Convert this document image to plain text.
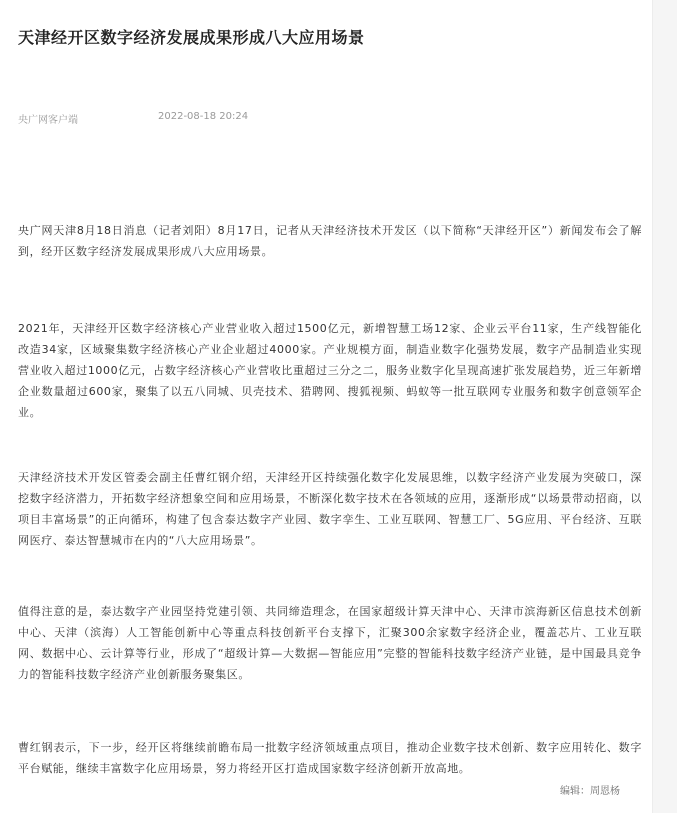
天津经开区数字经济发展成果形成八大应用场景
央广网客户端	2022-08-18 20:24

央广网天津8月18日消息（记者刘阳）8月17日，记者从天津经济技术开发区（以下简称“天津经开区”）新闻发布会了解到，经开区数字经济发展成果形成八大应用场景。

2021年，天津经开区数字经济核心产业营业收入超过1500亿元，新增智慧工场12家、企业云平台11家，生产线智能化改造34家，区域聚集数字经济核心产业企业超过4000家。产业规模方面，制造业数字化强势发展，数字产品制造业实现营业收入超过1000亿元，占数字经济核心产业营收比重超过三分之二，服务业数字化呈现高速扩张发展趋势，近三年新增企业数量超过600家，聚集了以五八同城、贝壳技术、猎聘网、搜狐视频、蚂蚁等一批互联网专业服务和数字创意领军企业。

天津经济技术开发区管委会副主任曹红钢介绍，天津经开区持续强化数字化发展思维，以数字经济产业发展为突破口，深挖数字经济潜力，开拓数字经济想象空间和应用场景，不断深化数字技术在各领域的应用，逐渐形成“以场景带动招商，以项目丰富场景”的正向循环，构建了包含泰达数字产业园、数字孪生、工业互联网、智慧工厂、5G应用、平台经济、互联网医疗、泰达智慧城市在内的“八大应用场景”。

值得注意的是，泰达数字产业园坚持党建引领、共同缔造理念，在国家超级计算天津中心、天津市滨海新区信息技术创新中心、天津（滨海）人工智能创新中心等重点科技创新平台支撑下，汇聚300余家数字经济企业，覆盖芯片、工业互联网、数据中心、云计算等行业，形成了“超级计算—大数据—智能应用”完整的智能科技数字经济产业链，是中国最具竞争力的智能科技数字经济产业创新服务聚集区。

曹红钢表示，下一步，经开区将继续前瞻布局一批数字经济领域重点项目，推动企业数字技术创新、数字应用转化、数字平台赋能，继续丰富数字化应用场景，努力将经开区打造成国家数字经济创新开放高地。

编辑：周恩杨
